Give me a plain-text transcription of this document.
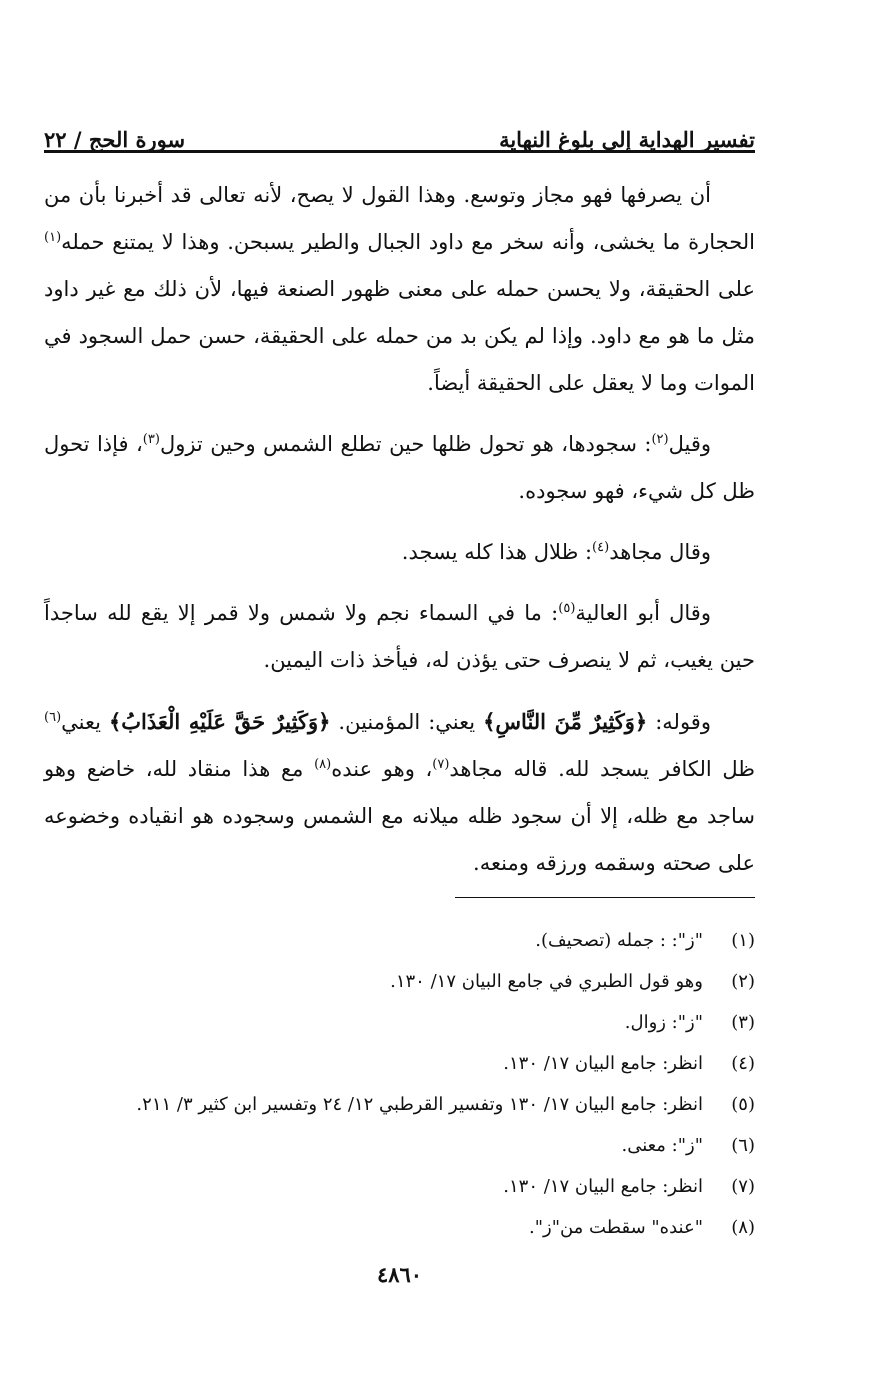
تفسير الهداية إلى بلوغ النهاية
سورة الحج / ٢٢

أن يصرفها فهو مجاز وتوسع. وهذا القول لا يصح، لأنه تعالى قد أخبرنا بأن من الحجارة ما يخشى، وأنه سخر مع داود الجبال والطير يسبحن. وهذا لا يمتنع حمله$^{(١)}$ على الحقيقة، ولا يحسن حمله على معنى ظهور الصنعة فيها، لأن ذلك مع غير داود مثل ما هو مع داود. وإذا لم يكن بد من حمله على الحقيقة، حسن حمل السجود في الموات وما لا يعقل على الحقيقة أيضاً.

وقيل$^{(٢)}$: سجودها، هو تحول ظلها حين تطلع الشمس وحين تزول$^{(٣)}$، فإذا تحول ظل كل شيء، فهو سجوده.

وقال مجاهد$^{(٤)}$: ظلال هذا كله يسجد.

وقال أبو العالية$^{(٥)}$: ما في السماء نجم ولا شمس ولا قمر إلا يقع لله ساجداً حين يغيب، ثم لا ينصرف حتى يؤذن له، فيأخذ ذات اليمين.

وقوله: ﴿وَكَثِيرٌ مِّنَ النَّاسِ﴾ يعني: المؤمنين. ﴿وَكَثِيرٌ حَقَّ عَلَيْهِ الْعَذَابُ﴾ يعني$^{(٦)}$ ظل الكافر يسجد لله. قاله مجاهد$^{(٧)}$، وهو عنده$^{(٨)}$ مع هذا منقاد لله، خاضع وهو ساجد مع ظله، إلا أن سجود ظله ميلانه مع الشمس وسجوده هو انقياده وخضوعه على صحته وسقمه ورزقه ومنعه.

(١)
"ز": : جمله (تصحيف).
(٢)
وهو قول الطبري في جامع البيان ١٧/ ١٣٠.
(٣)
"ز": زوال.
(٤)
انظر: جامع البيان ١٧/ ١٣٠.
(٥)
انظر: جامع البيان ١٧/ ١٣٠ وتفسير القرطبي ١٢/ ٢٤ وتفسير ابن كثير ٣/ ٢١١.
(٦)
"ز": معنى.
(٧)
انظر: جامع البيان ١٧/ ١٣٠.
(٨)
"عنده" سقطت من"ز".
٤٨٦٠
